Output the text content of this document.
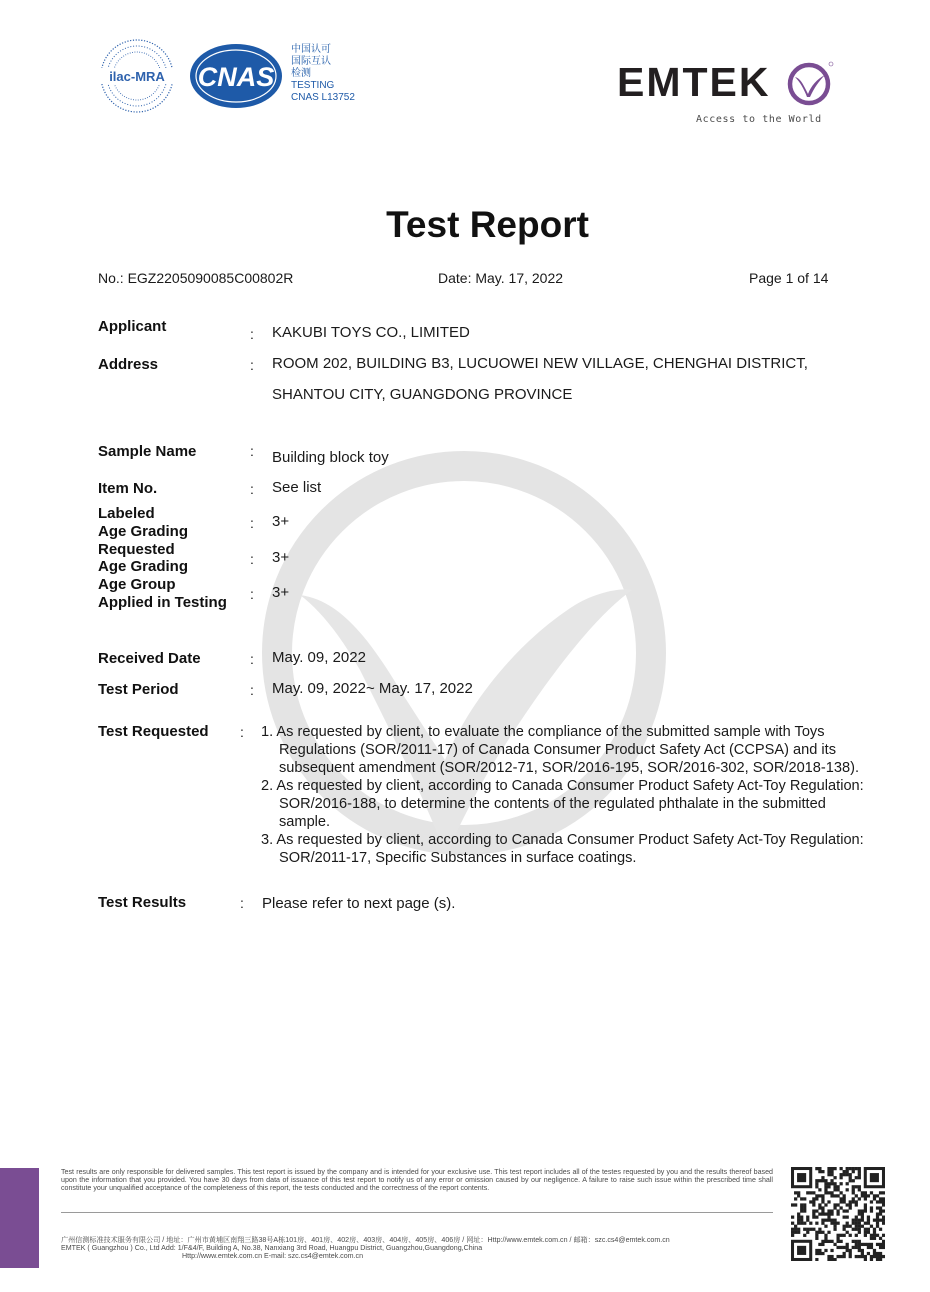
ilac-MRA CNAS
中国认可
国际互认
检测
TESTING
CNAS L13752	EMTEK
Access to the World
Test Report
No.: EGZ2205090085C00802R	Date: May. 17, 2022	Page 1 of 14
Applicant	: KAKUBI TOYS CO., LIMITED
Address	: ROOM 202, BUILDING B3, LUCUOWEI NEW VILLAGE, CHENGHAI DISTRICT,
SHANTOU CITY, GUANGDONG PROVINCE
Sample Name	: Building block toy
Item No.	: See list
Labeled
Age Grading	: 3+
Requested
Age Grading	: 3+
Age Group
Applied in Testing : 3+
Received Date	: May. 09, 2022
Test Period	: May. 09, 2022~ May. 17, 2022
Test Requested : 1. As requested by client, to evaluate the compliance of the submitted sample with Toys Regulations (SOR/2011-17) of Canada Consumer Product Safety Act (CCPSA) and its subsequent amendment (SOR/2012-71, SOR/2016-195, SOR/2016-302, SOR/2018-138).
2. As requested by client, according to Canada Consumer Product Safety Act-Toy Regulation: SOR/2016-188, to determine the contents of the regulated phthalate in the submitted sample.
3. As requested by client, according to Canada Consumer Product Safety Act-Toy Regulation: SOR/2011-17, Specific Substances in surface coatings.
Test Results	: Please refer to next page (s).
Test results are only responsible for delivered samples. This test report is issued by the company and is intended for your exclusive use. This test report includes all of the testes requested by you and the results thereof based upon the information that you provided. You have 30 days from data of issuance of this test report to notify us of any error or omission caused by our negligence. A failure to raise such issue within the prescribed time shall constitute your unqualified acceptance of the completeness of this report, the tests conducted and the correctness of the report contents.
广州信测标准技术服务有限公司 / 地址：广州市黄埔区南翔三路38号A栋101房、401房、402房、403房、404房、405房、406房 / 网址：Http://www.emtek.com.cn / 邮箱：szc.cs4@emtek.com.cn
EMTEK ( Guangzhou ) Co., Ltd Add: 1/F&4/F, Building A, No.38, Nanxiang 3rd Road, Huangpu District, Guangzhou,Guangdong,China
Http://www.emtek.com.cn E-mail: szc.cs4@emtek.com.cn
